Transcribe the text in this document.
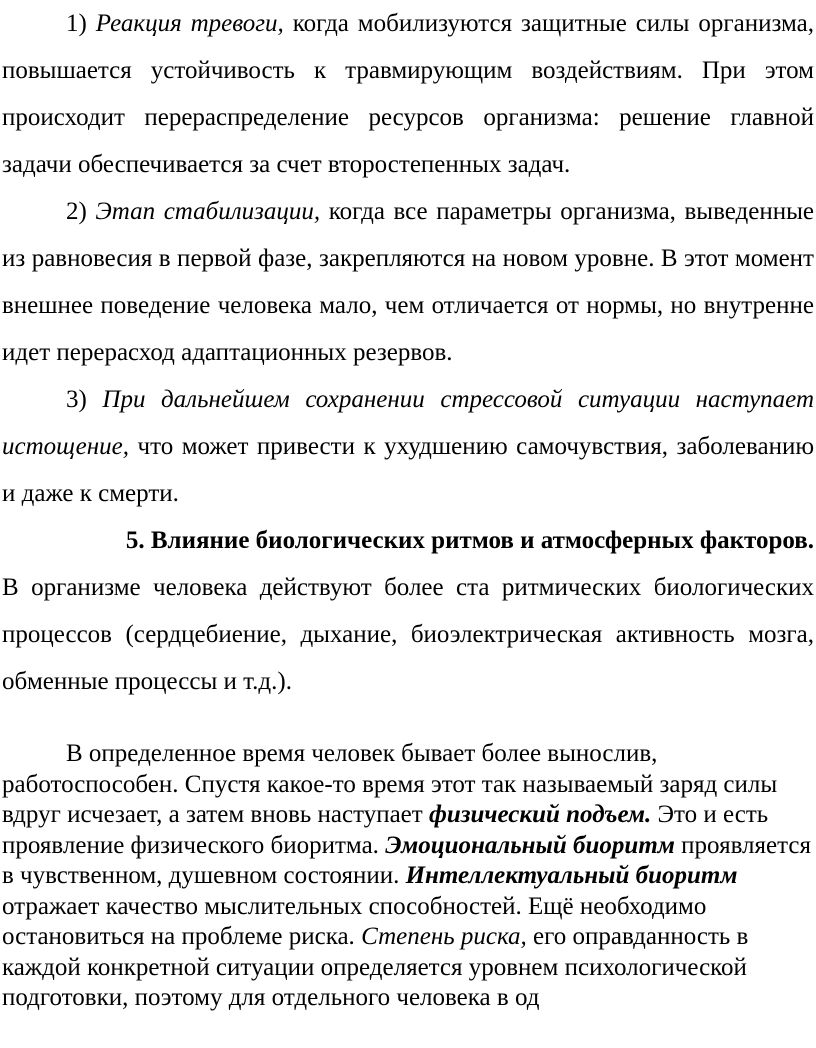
1) Реакция тревоги, когда мобилизуются защитные силы организма, повышается устойчивость к травмирующим воздействиям. При этом происходит перераспределение ресурсов организма: решение главной задачи обеспечивается за счет второстепенных задач.

2) Этап стабилизации, когда все параметры организма, выведенные из равновесия в первой фазе, закрепляются на новом уровне. В этот момент внешнее поведение человека мало, чем отличается от нормы, но внутренне идет перерасход адаптационных резервов.

3) При дальнейшем сохранении стрессовой ситуации наступает истощение, что может привести к ухудшению самочувствия, заболеванию и даже к смерти.

5. Влияние биологических ритмов и атмосферных факторов.

В организме человека действуют более ста ритмических биологических процессов (сердцебиение, дыхание, биоэлектрическая активность мозга, обменные процессы и т.д.).

В определенное время человек бывает более вынослив, работоспособен. Спустя какое-то время этот так называемый заряд силы вдруг исчезает, а затем вновь наступает физический подъем. Это и есть проявление физического биоритма. Эмоциональный биоритм проявляется в чувственном, душевном состоянии. Интеллектуальный биоритм отражает качество мыслительных способностей. Ещё необходимо остановиться на проблеме риска. Степень риска, его оправданность в каждой конкретной ситуации определяется уровнем психологической подготовки, поэтому для отдельного человека в од
